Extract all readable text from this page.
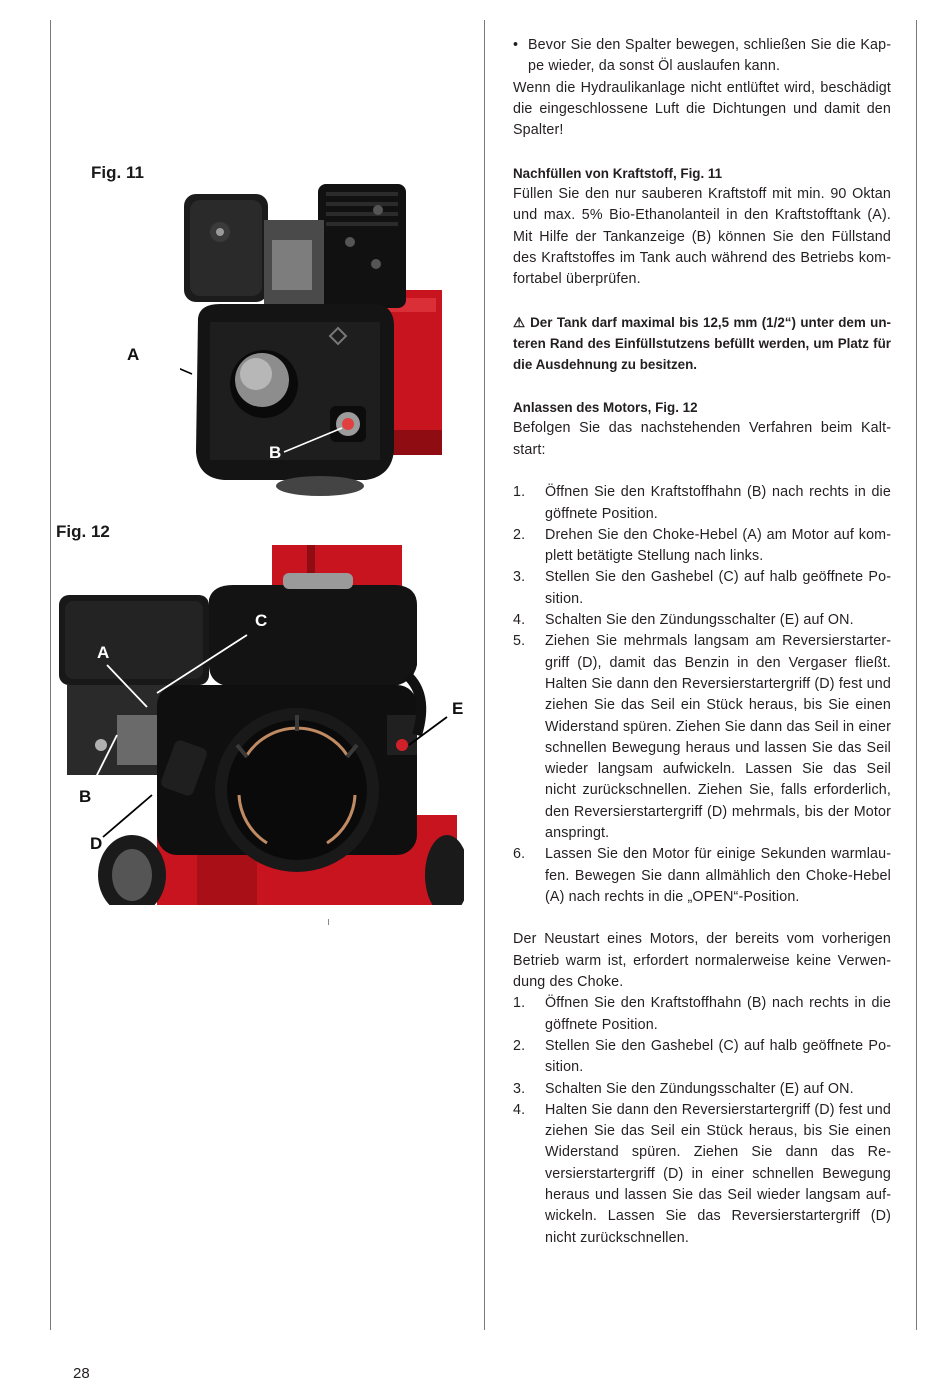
Fig. 11
A
B
Fig. 12
A
B
C
D
E
• Bevor Sie den Spalter bewegen, schließen Sie die Kappe wieder, da sonst Öl auslaufen kann.

Wenn die Hydraulikanlage nicht entlüftet wird, beschädigt die eingeschlossene Luft die Dichtungen und damit den Spalter!

Nachfüllen von Kraftstoff, Fig. 11

Füllen Sie den nur sauberen Kraftstoff mit min. 90 Oktan und max. 5% Bio-Ethanolanteil in den Kraftstofftank (A). Mit Hilfe der Tankanzeige (B) können Sie den Füllstand des Kraftstoffes im Tank auch während des Betriebs komfortabel überprüfen.

⚠ Der Tank darf maximal bis 12,5 mm (1/2“) unter dem unteren Rand des Einfüllstutzens befüllt werden, um Platz für die Ausdehnung zu besitzen.

Anlassen des Motors, Fig. 12

Befolgen Sie das nachstehenden Verfahren beim Kaltstart:

1. Öffnen Sie den Kraftstoffhahn (B) nach rechts in die göffnete Position.
2. Drehen Sie den Choke-Hebel (A) am Motor auf komplett betätigte Stellung nach links.
3. Stellen Sie den Gashebel (C) auf halb geöffnete Position.
4. Schalten Sie den Zündungsschalter (E) auf ON.
5. Ziehen Sie mehrmals langsam am Reversierstartergriff (D), damit das Benzin in den Vergaser fließt. Halten Sie dann den Reversierstartergriff (D) fest und ziehen Sie das Seil ein Stück heraus, bis Sie einen Widerstand spüren. Ziehen Sie dann das Seil in einer schnellen Bewegung heraus und lassen Sie das Seil wieder langsam aufwickeln. Lassen Sie das Seil nicht zurückschnellen. Ziehen Sie, falls erforderlich, den Reversierstartergriff (D) mehrmals, bis der Motor anspringt.
6. Lassen Sie den Motor für einige Sekunden warmlaufen. Bewegen Sie dann allmählich den Choke-Hebel (A) nach rechts in die „OPEN“-Position.

Der Neustart eines Motors, der bereits vom vorherigen Betrieb warm ist, erfordert normalerweise keine Verwendung des Choke.

1. Öffnen Sie den Kraftstoffhahn (B) nach rechts in die göffnete Position.
2. Stellen Sie den Gashebel (C) auf halb geöffnete Position.
3. Schalten Sie den Zündungsschalter (E) auf ON.
4. Halten Sie dann den Reversierstartergriff (D) fest und ziehen Sie das Seil ein Stück heraus, bis Sie einen Widerstand spüren. Ziehen Sie dann das Reversierstartergriff (D) in einer schnellen Bewegung heraus und lassen Sie das Seil wieder langsam aufwickeln. Lassen Sie das Reversierstartergriff (D) nicht zurückschnellen.
28
